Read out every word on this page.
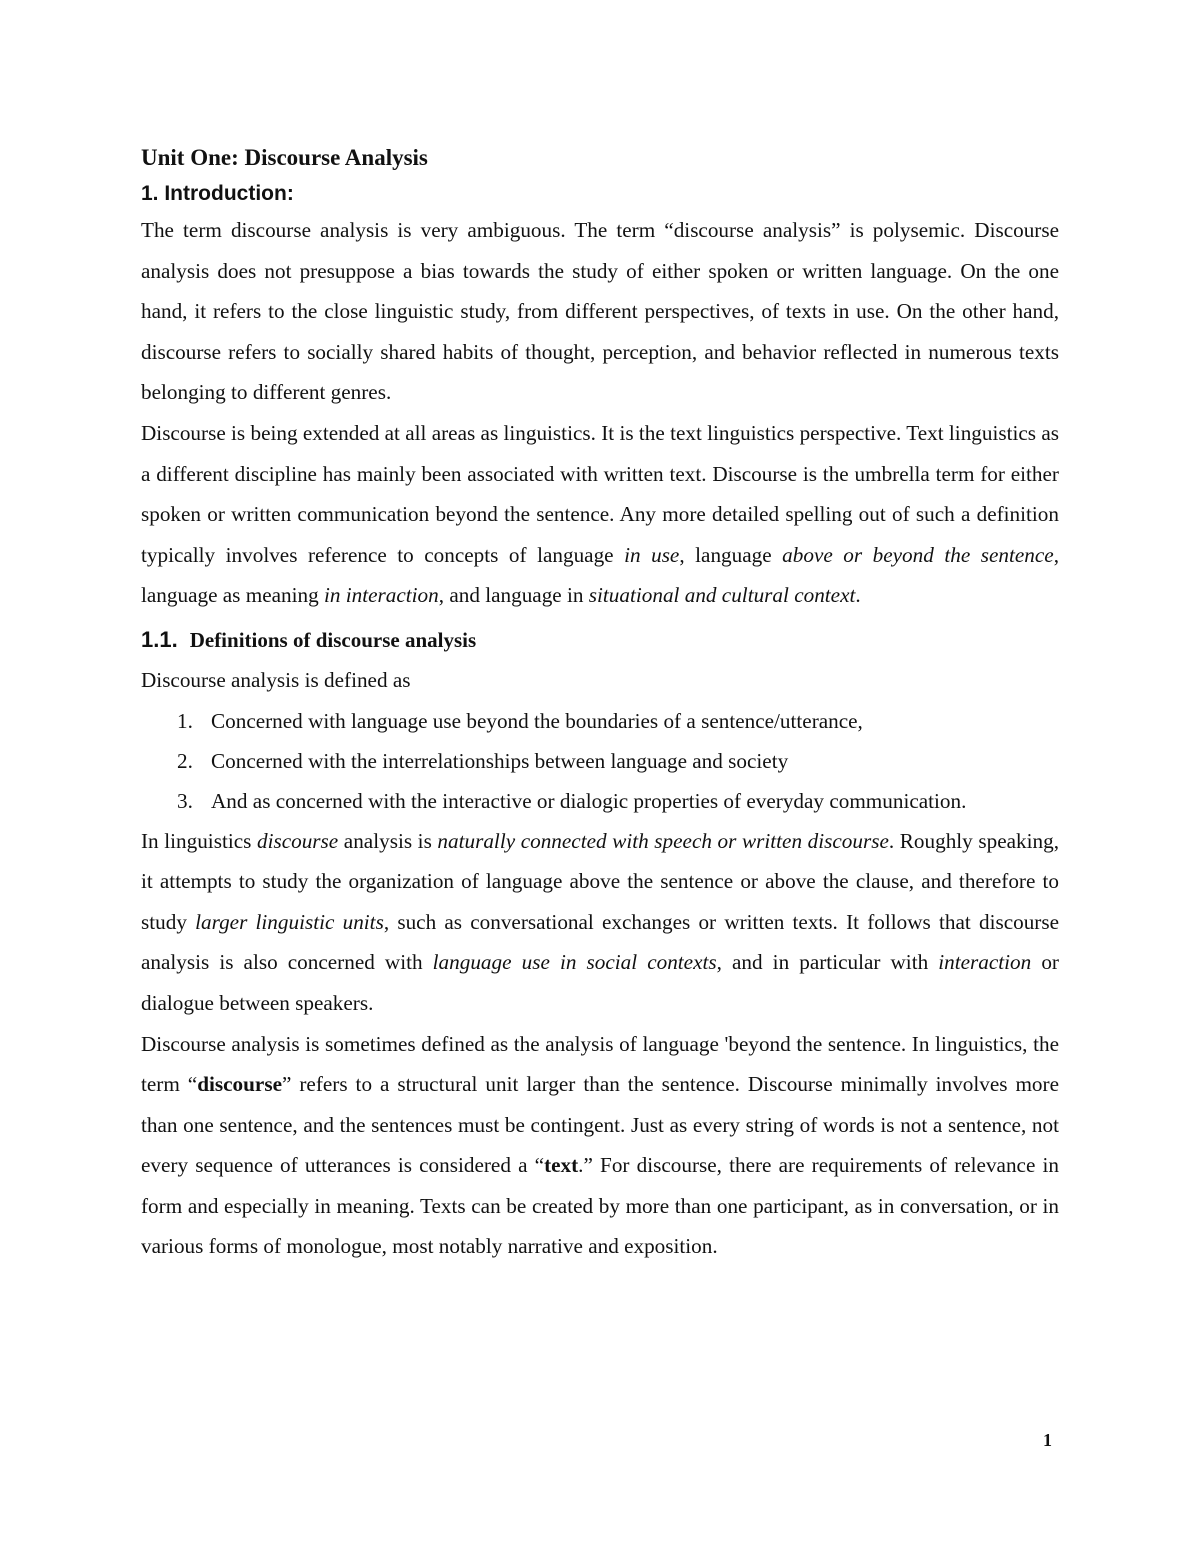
Unit One: Discourse Analysis
1. Introduction:

The term discourse analysis is very ambiguous. The term “discourse analysis” is polysemic. Discourse analysis does not presuppose a bias towards the study of either spoken or written language. On the one hand, it refers to the close linguistic study, from different perspectives, of texts in use. On the other hand, discourse refers to socially shared habits of thought, perception, and behavior reflected in numerous texts belonging to different genres.

Discourse is being extended at all areas as linguistics. It is the text linguistics perspective. Text linguistics as a different discipline has mainly been associated with written text. Discourse is the umbrella term for either spoken or written communication beyond the sentence. Any more detailed spelling out of such a definition typically involves reference to concepts of language in use, language above or beyond the sentence, language as meaning in interaction, and language in situational and cultural context.

1.1. Definitions of discourse analysis

Discourse analysis is defined as

1. Concerned with language use beyond the boundaries of a sentence/utterance,
2. Concerned with the interrelationships between language and society
3. And as concerned with the interactive or dialogic properties of everyday communication.

In linguistics discourse analysis is naturally connected with speech or written discourse. Roughly speaking, it attempts to study the organization of language above the sentence or above the clause, and therefore to study larger linguistic units, such as conversational exchanges or written texts. It follows that discourse analysis is also concerned with language use in social contexts, and in particular with interaction or dialogue between speakers.

Discourse analysis is sometimes defined as the analysis of language 'beyond the sentence. In linguistics, the term “discourse” refers to a structural unit larger than the sentence. Discourse minimally involves more than one sentence, and the sentences must be contingent. Just as every string of words is not a sentence, not every sequence of utterances is considered a “text.” For discourse, there are requirements of relevance in form and especially in meaning. Texts can be created by more than one participant, as in conversation, or in various forms of monologue, most notably narrative and exposition.

1
